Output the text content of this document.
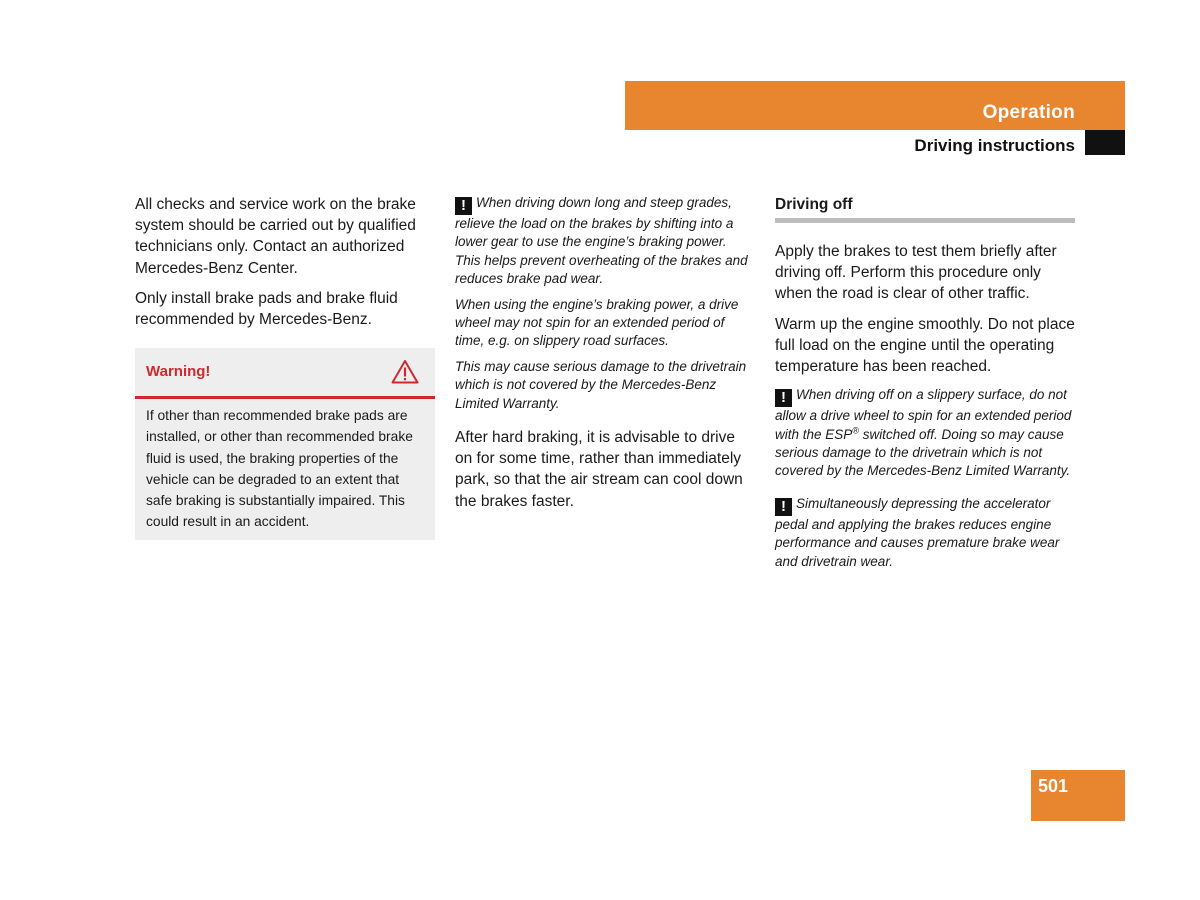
Operation
Driving instructions

All checks and service work on the brake system should be carried out by qualified technicians only. Contact an authorized Mercedes-Benz Center.

Only install brake pads and brake fluid recommended by Mercedes-Benz.

Warning!

If other than recommended brake pads are installed, or other than recommended brake fluid is used, the braking properties of the vehicle can be degraded to an extent that safe braking is substantially impaired. This could result in an accident.

! When driving down long and steep grades, relieve the load on the brakes by shifting into a lower gear to use the engine’s braking power. This helps prevent overheating of the brakes and reduces brake pad wear.

When using the engine’s braking power, a drive wheel may not spin for an extended period of time, e.g. on slippery road surfaces.

This may cause serious damage to the drivetrain which is not covered by the Mercedes-Benz Limited Warranty.

After hard braking, it is advisable to drive on for some time, rather than immediately park, so that the air stream can cool down the brakes faster.

Driving off

Apply the brakes to test them briefly after driving off. Perform this procedure only when the road is clear of other traffic.

Warm up the engine smoothly. Do not place full load on the engine until the operating temperature has been reached.

! When driving off on a slippery surface, do not allow a drive wheel to spin for an extended period with the ESP® switched off. Doing so may cause serious damage to the drivetrain which is not covered by the Mercedes-Benz Limited Warranty.

! Simultaneously depressing the accelerator pedal and applying the brakes reduces engine performance and causes premature brake wear and drivetrain wear.

501
